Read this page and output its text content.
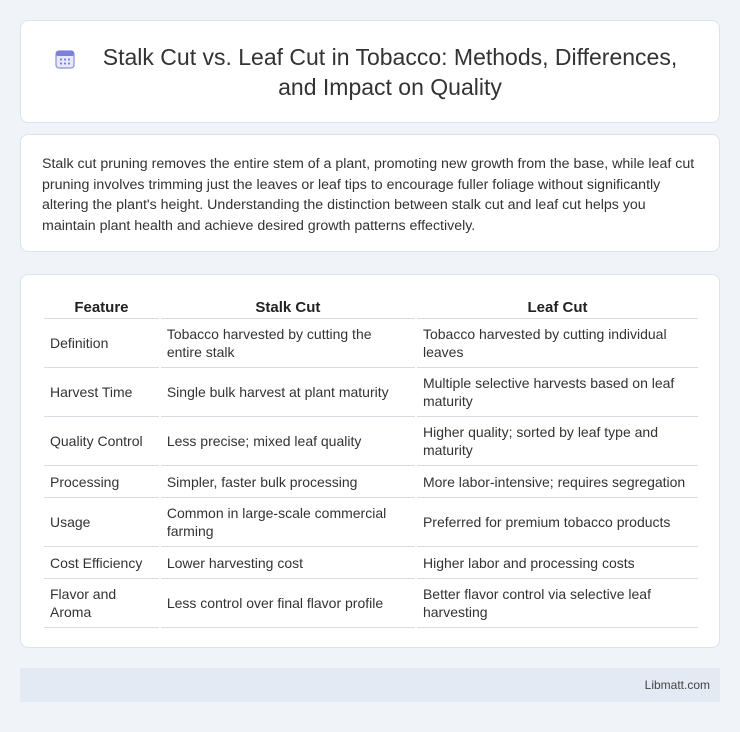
Stalk Cut vs. Leaf Cut in Tobacco: Methods, Differences, and Impact on Quality

Stalk cut pruning removes the entire stem of a plant, promoting new growth from the base, while leaf cut pruning involves trimming just the leaves or leaf tips to encourage fuller foliage without significantly altering the plant's height. Understanding the distinction between stalk cut and leaf cut helps you maintain plant health and achieve desired growth patterns effectively.

Feature	Stalk Cut	Leaf Cut
Definition	Tobacco harvested by cutting the entire stalk	Tobacco harvested by cutting individual leaves
Harvest Time	Single bulk harvest at plant maturity	Multiple selective harvests based on leaf maturity
Quality Control	Less precise; mixed leaf quality	Higher quality; sorted by leaf type and maturity
Processing	Simpler, faster bulk processing	More labor-intensive; requires segregation
Usage	Common in large-scale commercial farming	Preferred for premium tobacco products
Cost Efficiency	Lower harvesting cost	Higher labor and processing costs
Flavor and Aroma	Less control over final flavor profile	Better flavor control via selective leaf harvesting
Libmatt.com
